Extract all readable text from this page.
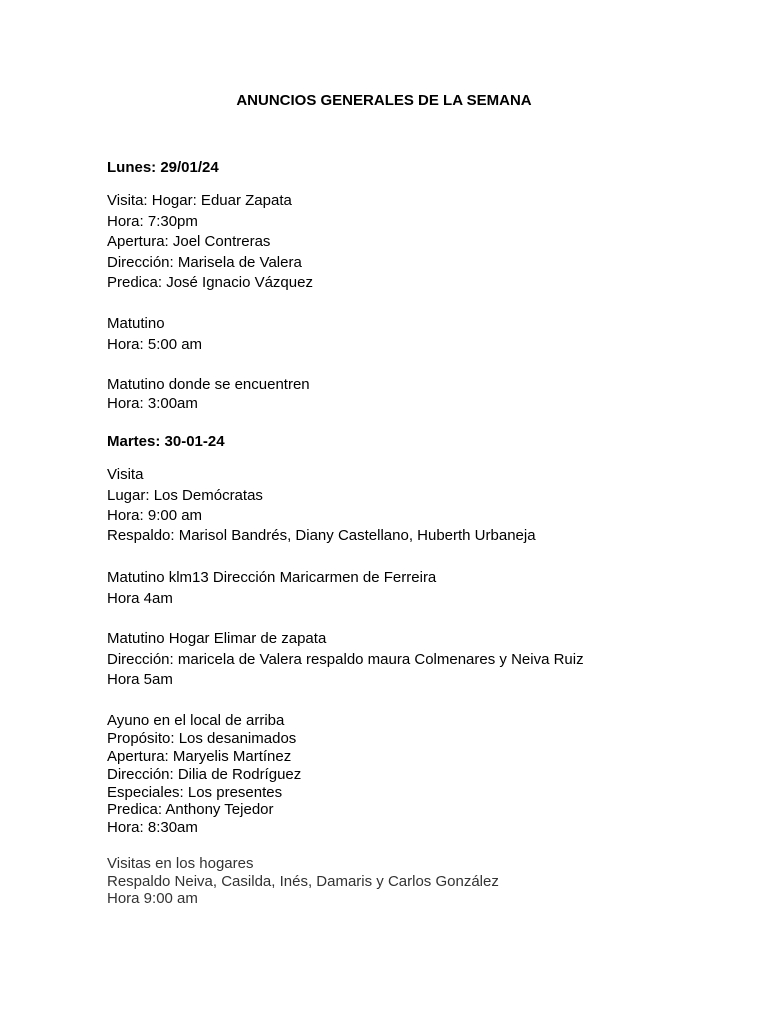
ANUNCIOS GENERALES DE LA SEMANA
Lunes: 29/01/24
Visita: Hogar: Eduar Zapata
Hora: 7:30pm
Apertura: Joel Contreras
Dirección: Marisela de Valera
Predica: José Ignacio Vázquez
Matutino
Hora: 5:00 am
Matutino donde se encuentren
Hora: 3:00am
Martes: 30-01-24
Visita
Lugar: Los Demócratas
Hora: 9:00 am
Respaldo: Marisol Bandrés, Diany Castellano, Huberth Urbaneja
Matutino klm13 Dirección Maricarmen de Ferreira
Hora 4am
Matutino Hogar Elimar de zapata
Dirección: maricela de Valera respaldo maura Colmenares y Neiva Ruiz
Hora 5am
Ayuno en el local de arriba
Propósito: Los desanimados
Apertura: Maryelis Martínez
Dirección: Dilia de Rodríguez
Especiales: Los presentes
Predica: Anthony Tejedor
Hora: 8:30am
Visitas en los hogares
Respaldo Neiva, Casilda, Inés, Damaris y Carlos González
Hora 9:00 am
